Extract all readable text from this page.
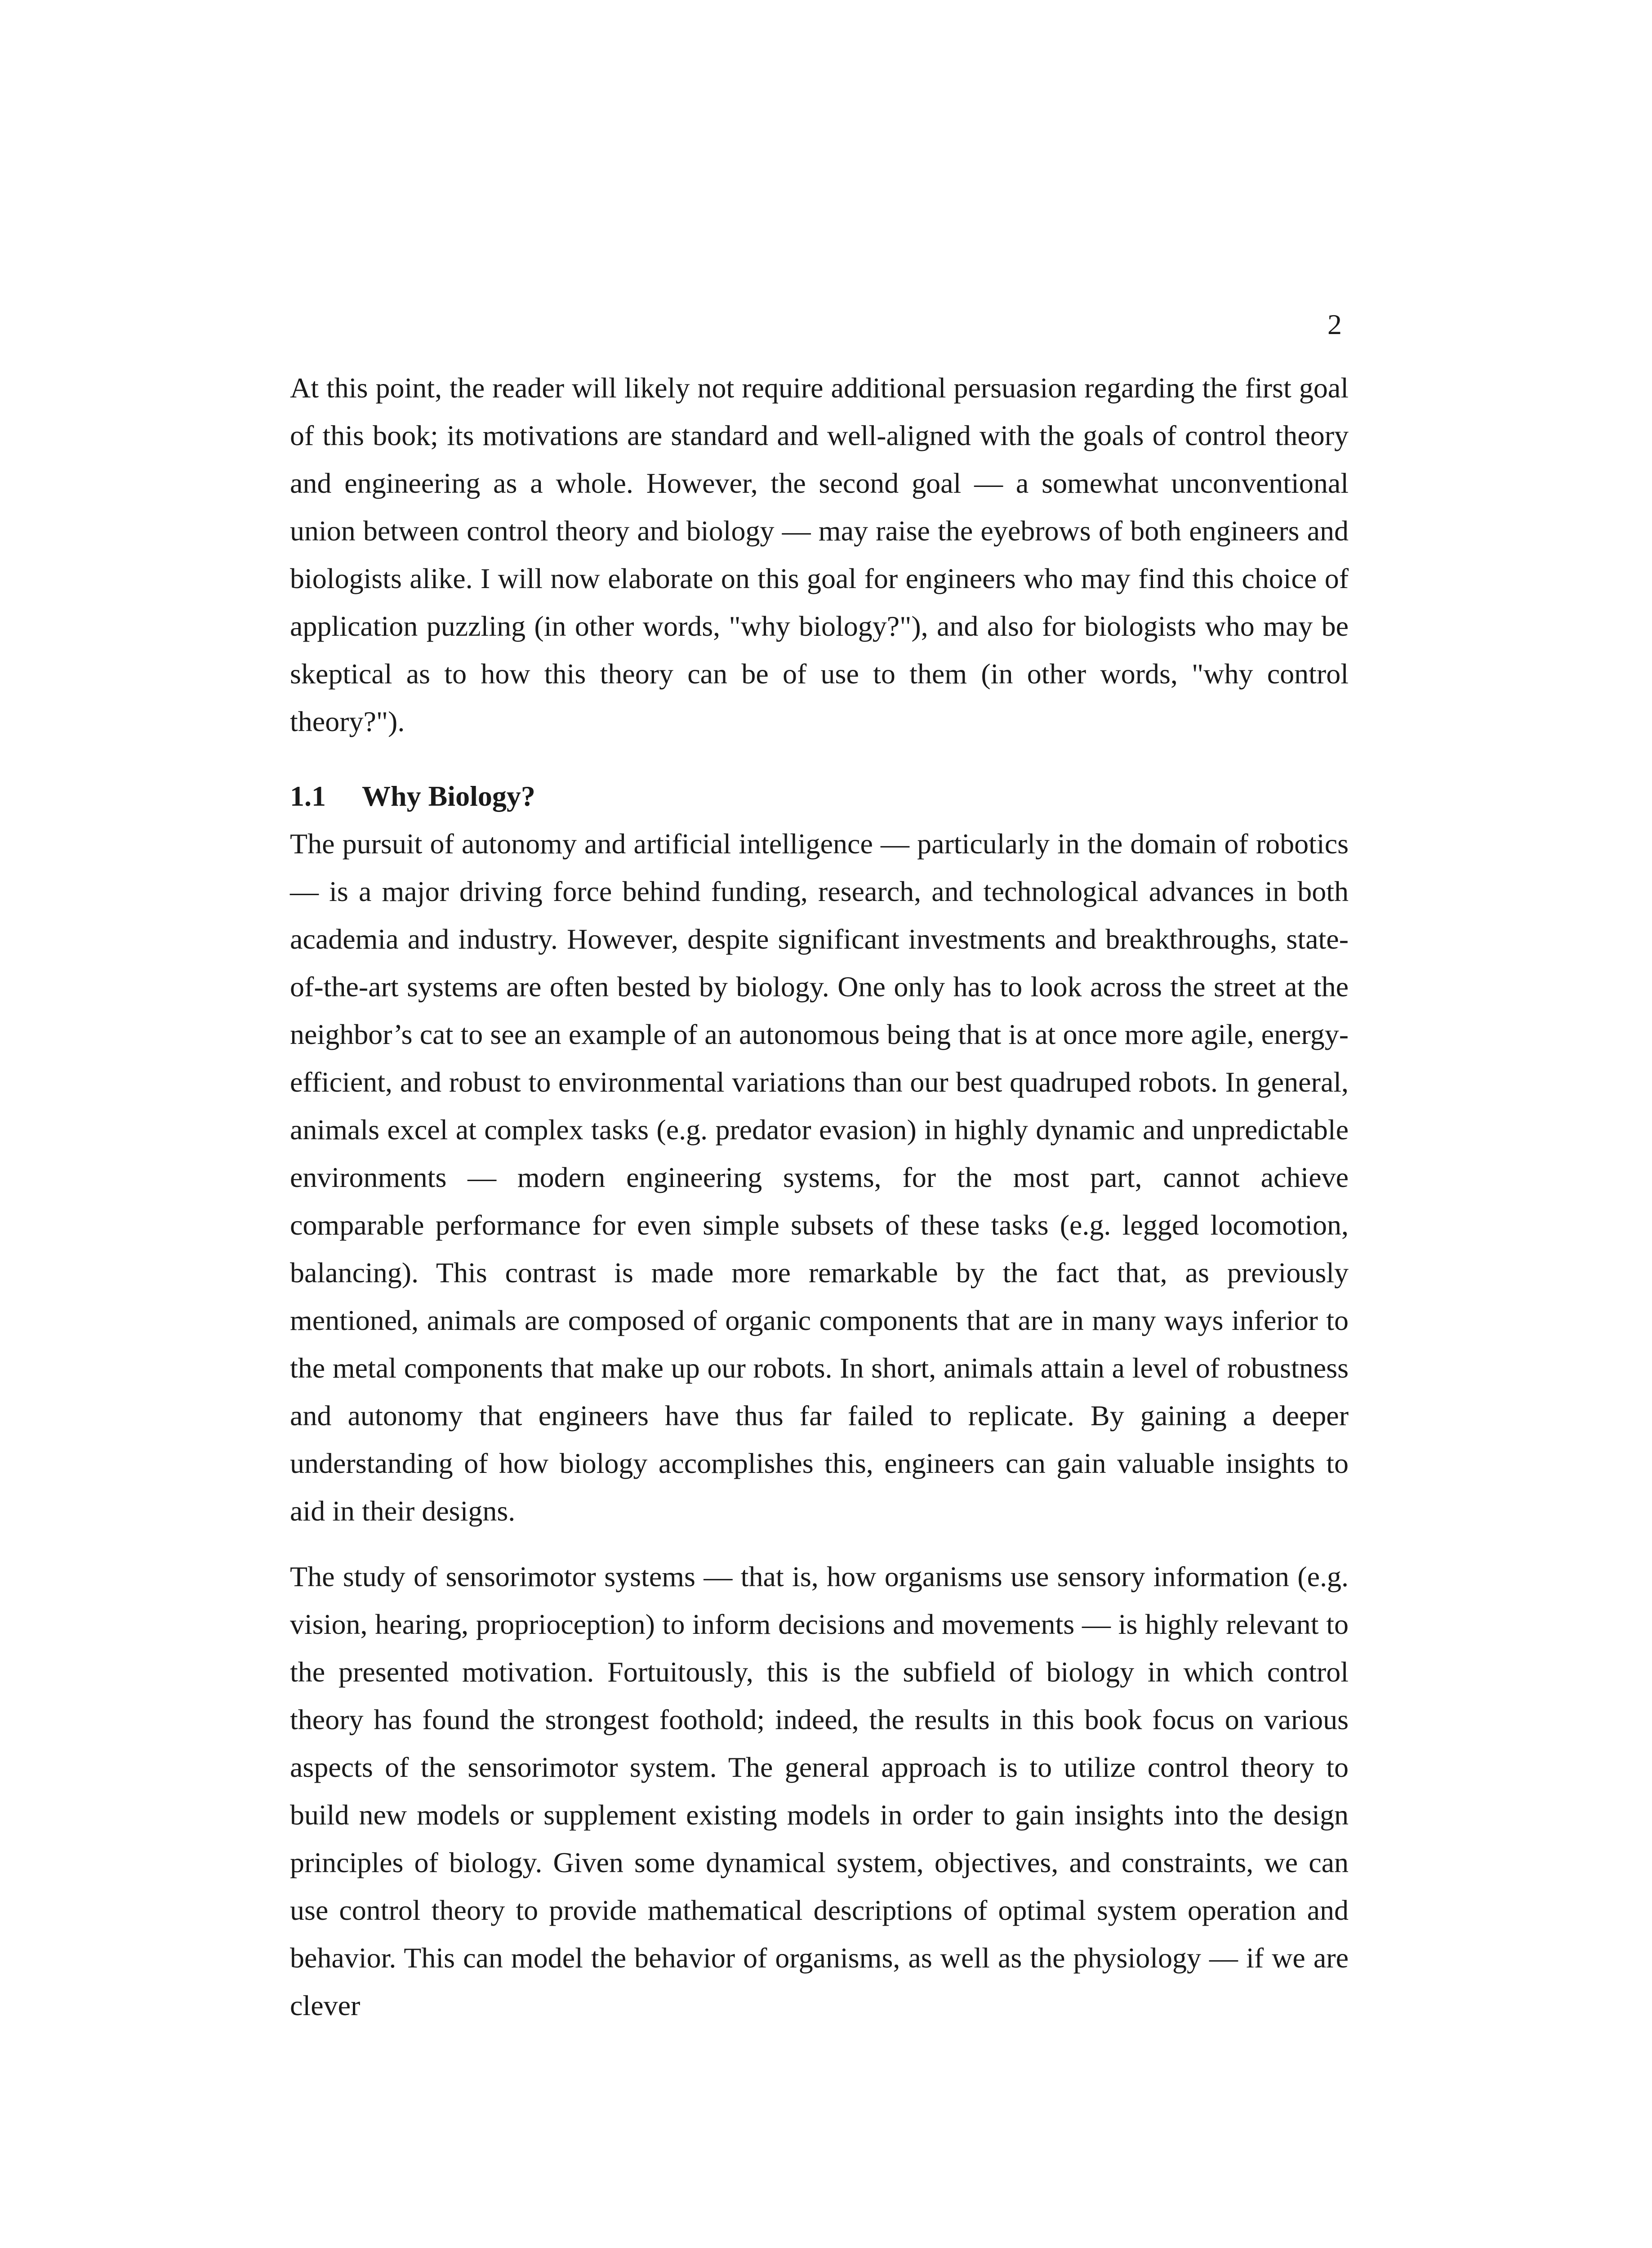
2

At this point, the reader will likely not require additional persuasion regarding the first goal of this book; its motivations are standard and well-aligned with the goals of control theory and engineering as a whole. However, the second goal — a somewhat unconventional union between control theory and biology — may raise the eyebrows of both engineers and biologists alike. I will now elaborate on this goal for engineers who may find this choice of application puzzling (in other words, "why biology?"), and also for biologists who may be skeptical as to how this theory can be of use to them (in other words, "why control theory?").

1.1 Why Biology?

The pursuit of autonomy and artificial intelligence — particularly in the domain of robotics — is a major driving force behind funding, research, and technological advances in both academia and industry. However, despite significant investments and breakthroughs, state-of-the-art systems are often bested by biology. One only has to look across the street at the neighbor’s cat to see an example of an autonomous being that is at once more agile, energy-efficient, and robust to environmental variations than our best quadruped robots. In general, animals excel at complex tasks (e.g. predator evasion) in highly dynamic and unpredictable environments — modern engineering systems, for the most part, cannot achieve comparable performance for even simple subsets of these tasks (e.g. legged locomotion, balancing). This contrast is made more remarkable by the fact that, as previously mentioned, animals are composed of organic components that are in many ways inferior to the metal components that make up our robots. In short, animals attain a level of robustness and autonomy that engineers have thus far failed to replicate. By gaining a deeper understanding of how biology accomplishes this, engineers can gain valuable insights to aid in their designs.

The study of sensorimotor systems — that is, how organisms use sensory information (e.g. vision, hearing, proprioception) to inform decisions and movements — is highly relevant to the presented motivation. Fortuitously, this is the subfield of biology in which control theory has found the strongest foothold; indeed, the results in this book focus on various aspects of the sensorimotor system. The general approach is to utilize control theory to build new models or supplement existing models in order to gain insights into the design principles of biology. Given some dynamical system, objectives, and constraints, we can use control theory to provide mathematical descriptions of optimal system operation and behavior. This can model the behavior of organisms, as well as the physiology — if we are clever
